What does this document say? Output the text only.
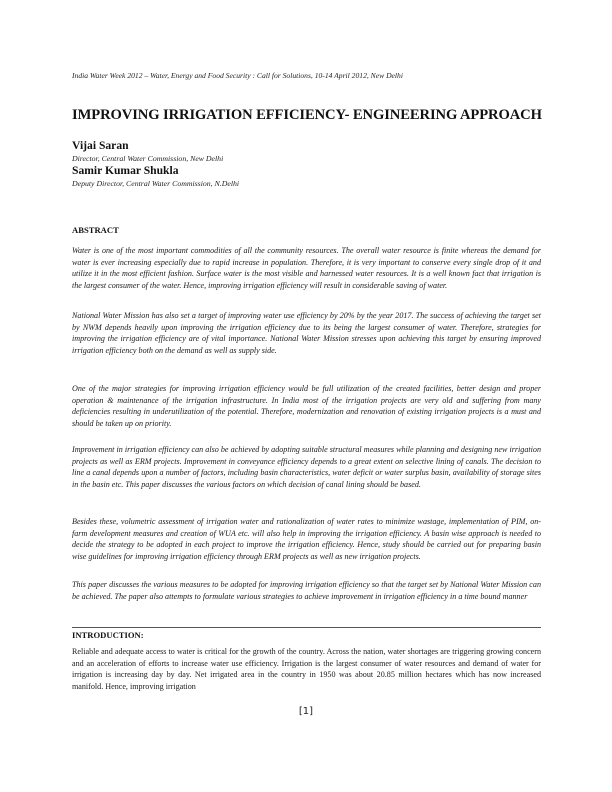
India Water Week 2012 – Water, Energy and Food Security : Call for Solutions, 10-14 April 2012, New Delhi
IMPROVING IRRIGATION EFFICIENCY- ENGINEERING APPROACH
Vijai Saran
Director, Central Water Commission, New Delhi
Samir Kumar Shukla
Deputy Director, Central Water Commission, N.Delhi
ABSTRACT
Water is one of the most important commodities of all the community resources. The overall water resource is finite whereas the demand for water is ever increasing especially due to rapid increase in population. Therefore, it is very important to conserve every single drop of it and utilize it in the most efficient fashion. Surface water is the most visible and harnessed water resources. It is a well known fact that irrigation is the largest consumer of the water. Hence, improving irrigation efficiency will result in considerable saving of water.
National Water Mission has also set a target of improving water use efficiency by 20% by the year 2017. The success of achieving the target set by NWM depends heavily upon improving the irrigation efficiency due to its being the largest consumer of water. Therefore, strategies for improving the irrigation efficiency are of vital importance. National Water Mission stresses upon achieving this target by ensuring improved irrigation efficiency both on the demand as well as supply side.
One of the major strategies for improving irrigation efficiency would be full utilization of the created facilities, better design and proper operation & maintenance of the irrigation infrastructure. In India most of the irrigation projects are very old and suffering from many deficiencies resulting in underutilization of the potential. Therefore, modernization and renovation of existing irrigation projects is a must and should be taken up on priority.
Improvement in irrigation efficiency can also be achieved by adopting suitable structural measures while planning and designing new irrigation projects as well as ERM projects. Improvement in conveyance efficiency depends to a great extent on selective lining of canals. The decision to line a canal depends upon a number of factors, including basin characteristics, water deficit or water surplus basin, availability of storage sites in the basin etc. This paper discusses the various factors on which decision of canal lining should be based.
Besides these, volumetric assessment of irrigation water and rationalization of water rates to minimize wastage, implementation of PIM, on-farm development measures and creation of WUA etc. will also help in improving the irrigation efficiency. A basin wise approach is needed to decide the strategy to be adopted in each project to improve the irrigation efficiency. Hence, study should be carried out for preparing basin wise guidelines for improving irrigation efficiency through ERM projects as well as new irrigation projects.
This paper discusses the various measures to be adopted for improving irrigation efficiency so that the target set by National Water Mission can be achieved. The paper also attempts to formulate various strategies to achieve improvement in irrigation efficiency in a time bound manner
INTRODUCTION:
Reliable and adequate access to water is critical for the growth of the country. Across the nation, water shortages are triggering growing concern and an acceleration of efforts to increase water use efficiency. Irrigation is the largest consumer of water resources and demand of water for irrigation is increasing day by day. Net irrigated area in the country in 1950 was about 20.85 million hectares which has now increased manifold. Hence, improving irrigation
[1]
